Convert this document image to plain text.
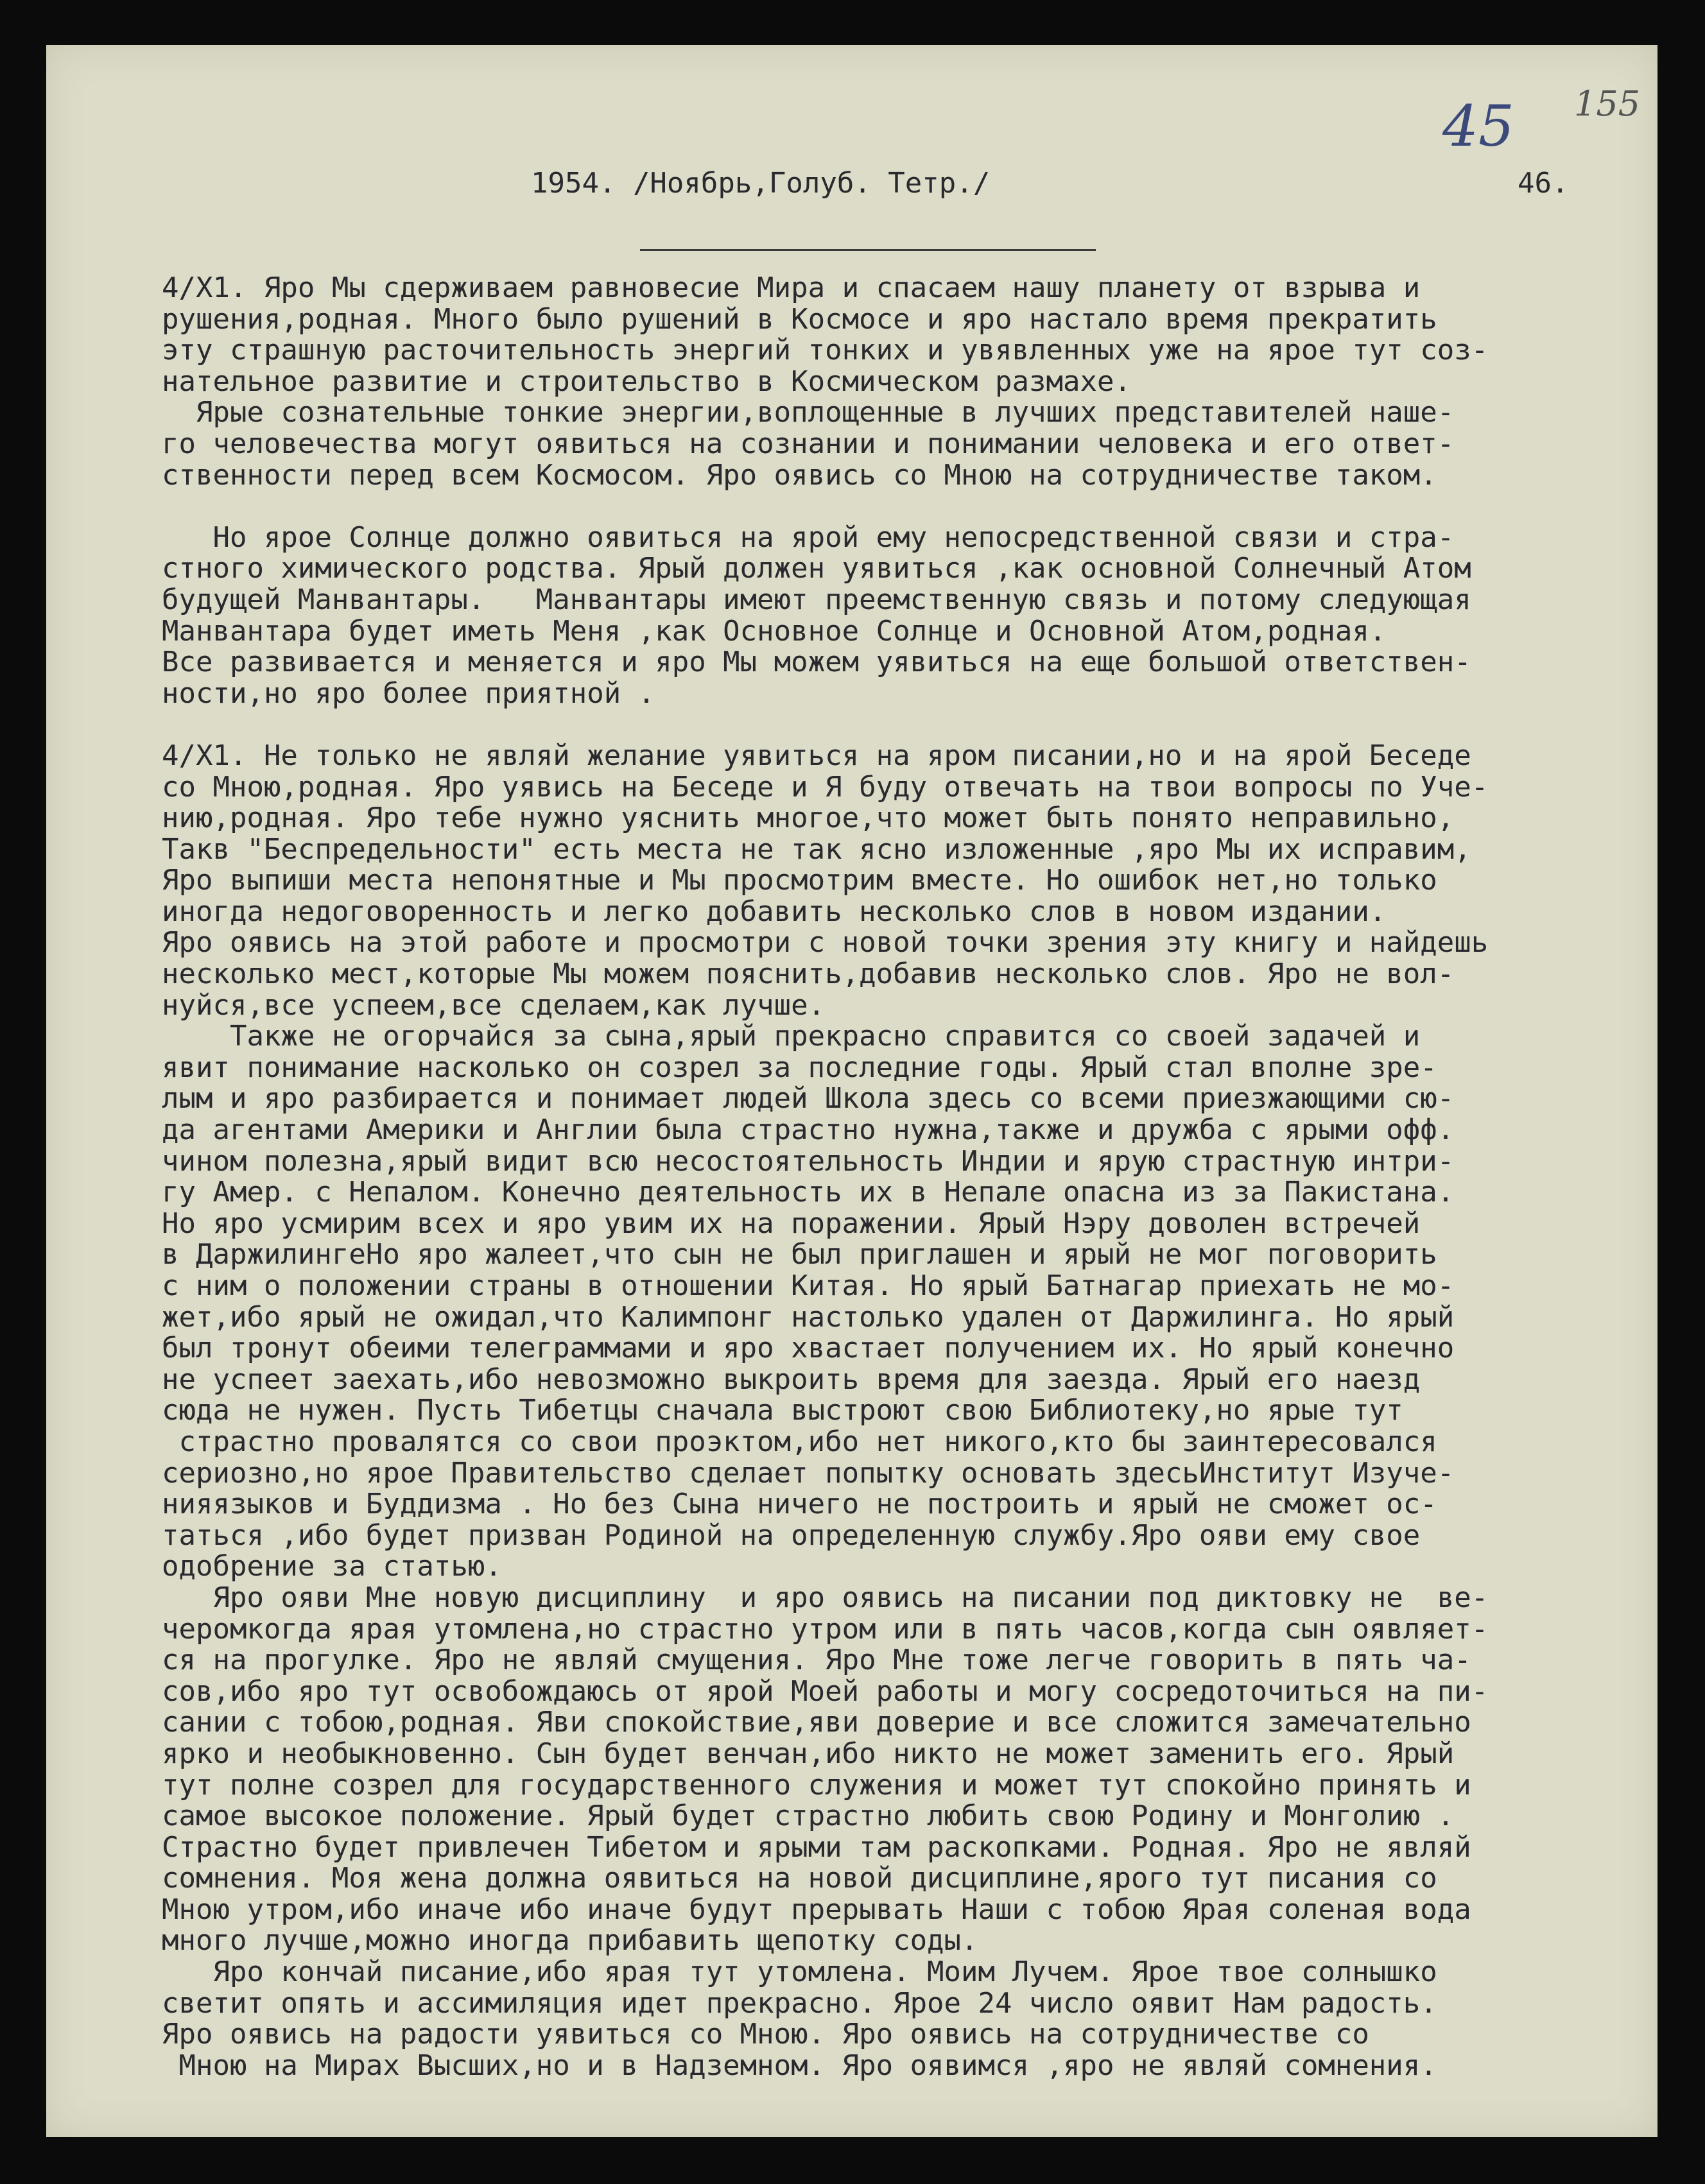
45 155
1954. /Ноябрь,Голуб. Тетр./	46.
4/X1. Яро Мы сдерживаем равновесие Мира и спасаем нашу планету от взрыва и
рушения,родная. Много было рушений в Космосе и яро настало время прекратить
эту страшную расточительность энергий тонких и увявленных уже на ярое тут соз-
нательное развитие и строительство в Космическом размахе.
Ярые сознательные тонкие энергии,воплощенные в лучших представителей наше-
го человечества могут оявиться на сознании и понимании человека и его ответ-
ственности перед всем Космосом. Яро оявись со Мною на сотрудничестве таком.
Но ярое Солнце должно оявиться на ярой ему непосредственной связи и стра-
стного химического родства. Ярый должен уявиться ,как основной Солнечный Атом
будущей Манвантары.   Манвантары имеют преемственную связь и потому следующая
Манвантара будет иметь Меня ,как Основное Солнце и Основной Атом,родная.
Все развивается и меняется и яро Мы можем уявиться на еще большой ответствен-
ности,но яро более приятной .
4/X1. Не только не являй желание уявиться на яром писании,но и на ярой Беседе
со Мною,родная. Яро уявись на Беседе и Я буду отвечать на твои вопросы по Уче-
нию,родная. Яро тебе нужно уяснить многое,что может быть понято неправильно,
Такв "Беспредельности" есть места не так ясно изложенные ,яро Мы их исправим,
Яро выпиши места непонятные и Мы просмотрим вместе. Но ошибок нет,но только
иногда недоговоренность и легко добавить несколько слов в новом издании.
Яро оявись на этой работе и просмотри с новой точки зрения эту книгу и найдешь
несколько мест,которые Мы можем пояснить,добавив несколько слов. Яро не вол-
нуйся,все успеем,все сделаем,как лучше.
Также не огорчайся за сына,ярый прекрасно справится со своей задачей и
явит понимание насколько он созрел за последние годы. Ярый стал вполне зре-
лым и яро разбирается и понимает людей Школа здесь со всеми приезжающими сю-
да агентами Америки и Англии была страстно нужна,также и дружба с ярыми офф.
чином полезна,ярый видит всю несостоятельность Индии и ярую страстную интри-
гу Амер. с Непалом. Конечно деятельность их в Непале опасна из за Пакистана.
Но яро усмирим всех и яро увим их на поражении. Ярый Нэру доволен встречей
в ДаржилингеНо яро жалеет,что сын не был приглашен и ярый не мог поговорить
с ним о положении страны в отношении Китая. Но ярый Батнагар приехать не мо-
жет,ибо ярый не ожидал,что Калимпонг настолько удален от Даржилинга. Но ярый
был тронут обеими телеграммами и яро хвастает получением их. Но ярый конечно
не успеет заехать,ибо невозможно выкроить время для заезда. Ярый его наезд
сюда не нужен. Пусть Тибетцы сначала выстроют свою Библиотеку,но ярые тут
страстно провалятся со свои проэктом,ибо нет никого,кто бы заинтересовался
сериозно,но ярое Правительство сделает попытку основать здесьИнститут Изуче-
нияязыков и Буддизма . Но без Сына ничего не построить и ярый не сможет ос-
таться ,ибо будет призван Родиной на определенную службу.Яро ояви ему свое
одобрение за статью.
Яро ояви Мне новую дисциплину  и яро оявись на писании под диктовку не  ве-
черомкогда ярая утомлена,но страстно утром или в пять часов,когда сын оявляет-
ся на прогулке. Яро не являй смущения. Яро Мне тоже легче говорить в пять ча-
сов,ибо яро тут освобождаюсь от ярой Моей работы и могу сосредоточиться на пи-
сании с тобою,родная. Яви спокойствие,яви доверие и все сложится замечательно
ярко и необыкновенно. Сын будет венчан,ибо никто не может заменить его. Ярый
тут полне созрел для государственного служения и может тут спокойно принять и
самое высокое положение. Ярый будет страстно любить свою Родину и Монголию .
Страстно будет привлечен Тибетом и ярыми там раскопками. Родная. Яро не являй
сомнения. Моя жена должна оявиться на новой дисциплине,ярого тут писания со
Мною утром,ибо иначе ибо иначе будут прерывать Наши с тобою Ярая соленая вода
много лучше,можно иногда прибавить щепотку соды.
Яро кончай писание,ибо ярая тут утомлена. Моим Лучем. Ярое твое солнышко
светит опять и ассимиляция идет прекрасно. Ярое 24 число оявит Нам радость.
Яро оявись на радости уявиться со Мною. Яро оявись на сотрудничестве со
Мною на Мирах Высших,но и в Надземном. Яро оявимся ,яро не являй сомнения.
